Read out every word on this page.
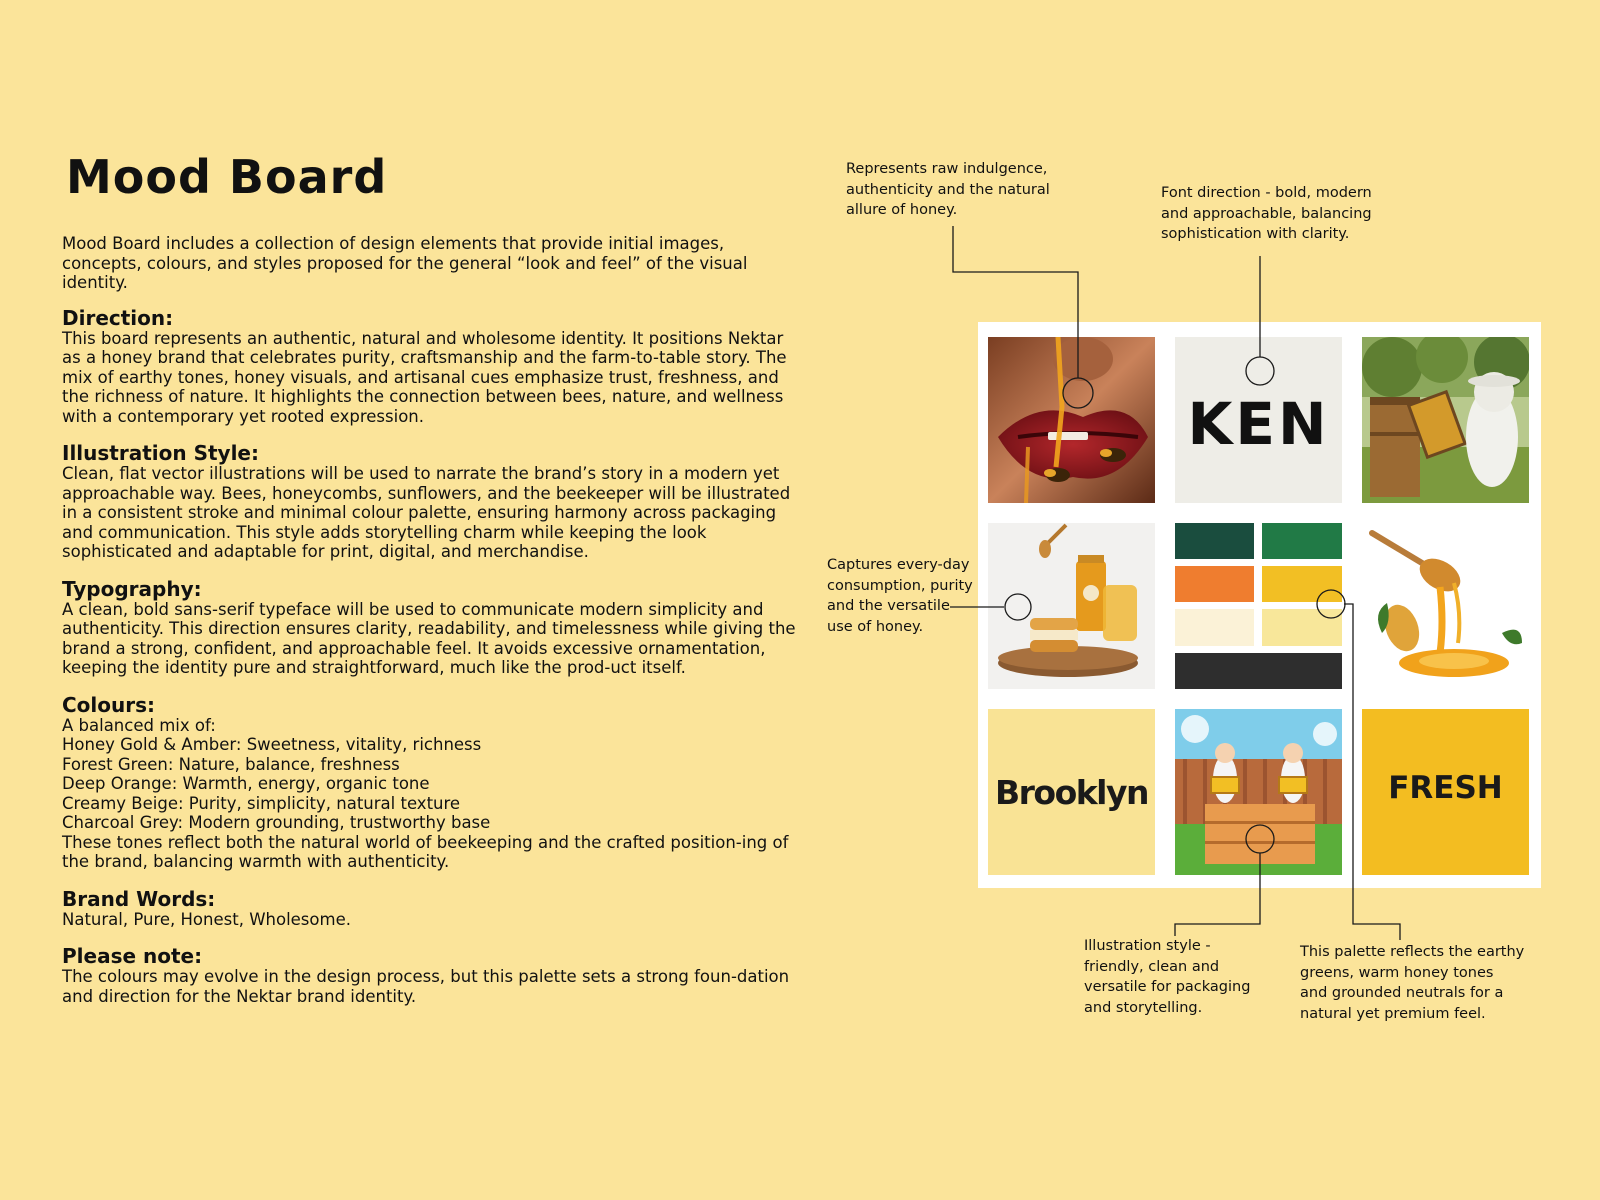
Mood Board

Mood Board includes a collection of design elements that provide initial images, concepts, colours, and styles proposed for the general “look and feel” of the visual identity.

Direction:
This board represents an authentic, natural and wholesome identity. It positions Nektar as a honey brand that celebrates purity, craftsmanship and the farm-to-table story. The mix of earthy tones, honey visuals, and artisanal cues emphasize trust, freshness, and the richness of nature. It highlights the connection between bees, nature, and wellness with a contemporary yet rooted expression.
Illustration Style:
Clean, flat vector illustrations will be used to narrate the brand’s story in a modern yet approachable way. Bees, honeycombs, sunflowers, and the beekeeper will be illustrated in a consistent stroke and minimal colour palette, ensuring harmony across packaging and communication. This style adds storytelling charm while keeping the look sophisticated and adaptable for print, digital, and merchandise.
Typography:
A clean, bold sans-serif typeface will be used to communicate modern simplicity and authenticity. This direction ensures clarity, readability, and timelessness while giving the brand a strong, confident, and approachable feel. It avoids excessive ornamentation, keeping the identity pure and straightforward, much like the prod-uct itself.
Colours:
A balanced mix of:
Honey Gold & Amber: Sweetness, vitality, richness
Forest Green: Nature, balance, freshness
Deep Orange: Warmth, energy, organic tone
Creamy Beige: Purity, simplicity, natural texture
Charcoal Grey: Modern grounding, trustworthy base
These tones reflect both the natural world of beekeeping and the crafted position-ing of the brand, balancing warmth with authenticity.
Brand Words:
Natural, Pure, Honest, Wholesome.
Please note:
The colours may evolve in the design process, but this palette sets a strong foun-dation and direction for the Nektar brand identity.
Represents raw indulgence, authenticity and the natural allure of honey.
Font direction - bold, modern and approachable, balancing sophistication with clarity.
Captures every-day consumption, purity and the versatile use of honey.
Illustration style - friendly, clean and versatile for packaging and storytelling.
This palette reflects the earthy greens, warm honey tones and grounded neutrals for a natural yet premium feel.
KEN
Brooklyn	FRESH
